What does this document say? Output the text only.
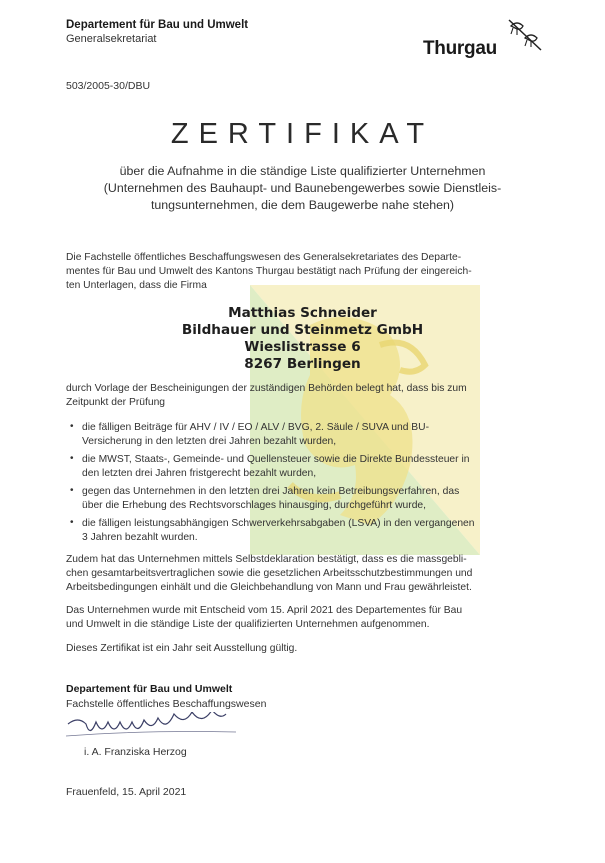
Departement für Bau und Umwelt
Generalsekretariat	Thurgau
503/2005-30/DBU
ZERTIFIKAT
über die Aufnahme in die ständige Liste qualifizierter Unternehmen
(Unternehmen des Bauhaupt- und Baunebengewerbes sowie Dienstleis-
tungsunternehmen, die dem Baugewerbe nahe stehen)
Die Fachstelle öffentliches Beschaffungswesen des Generalsekretariates des Departe-
mentes für Bau und Umwelt des Kantons Thurgau bestätigt nach Prüfung der eingereich-
ten Unterlagen, dass die Firma
Matthias Schneider
Bildhauer und Steinmetz GmbH
Wieslistrasse 6
8267 Berlingen
durch Vorlage der Bescheinigungen der zuständigen Behörden belegt hat, dass bis zum
Zeitpunkt der Prüfung
• die fälligen Beiträge für AHV / IV / EO / ALV / BVG, 2. Säule / SUVA und BU-
Versicherung in den letzten drei Jahren bezahlt wurden,
• die MWST, Staats-, Gemeinde- und Quellensteuer sowie die Direkte Bundessteuer in
den letzten drei Jahren fristgerecht bezahlt wurden,
• gegen das Unternehmen in den letzten drei Jahren kein Betreibungsverfahren, das
über die Erhebung des Rechtsvorschlages hinausging, durchgeführt wurde,
• die fälligen leistungsabhängigen Schwerverkehrsabgaben (LSVA) in den vergangenen
3 Jahren bezahlt wurden.
Zudem hat das Unternehmen mittels Selbstdeklaration bestätigt, dass es die massgebli-
chen gesamtarbeitsvertraglichen sowie die gesetzlichen Arbeitsschutzbestimmungen und
Arbeitsbedingungen einhält und die Gleichbehandlung von Mann und Frau gewährleistet.
Das Unternehmen wurde mit Entscheid vom 15. April 2021 des Departementes für Bau
und Umwelt in die ständige Liste der qualifizierten Unternehmen aufgenommen.
Dieses Zertifikat ist ein Jahr seit Ausstellung gültig.
Departement für Bau und Umwelt
Fachstelle öffentliches Beschaffungswesen
i. A. Franziska Herzog
Frauenfeld, 15. April 2021
